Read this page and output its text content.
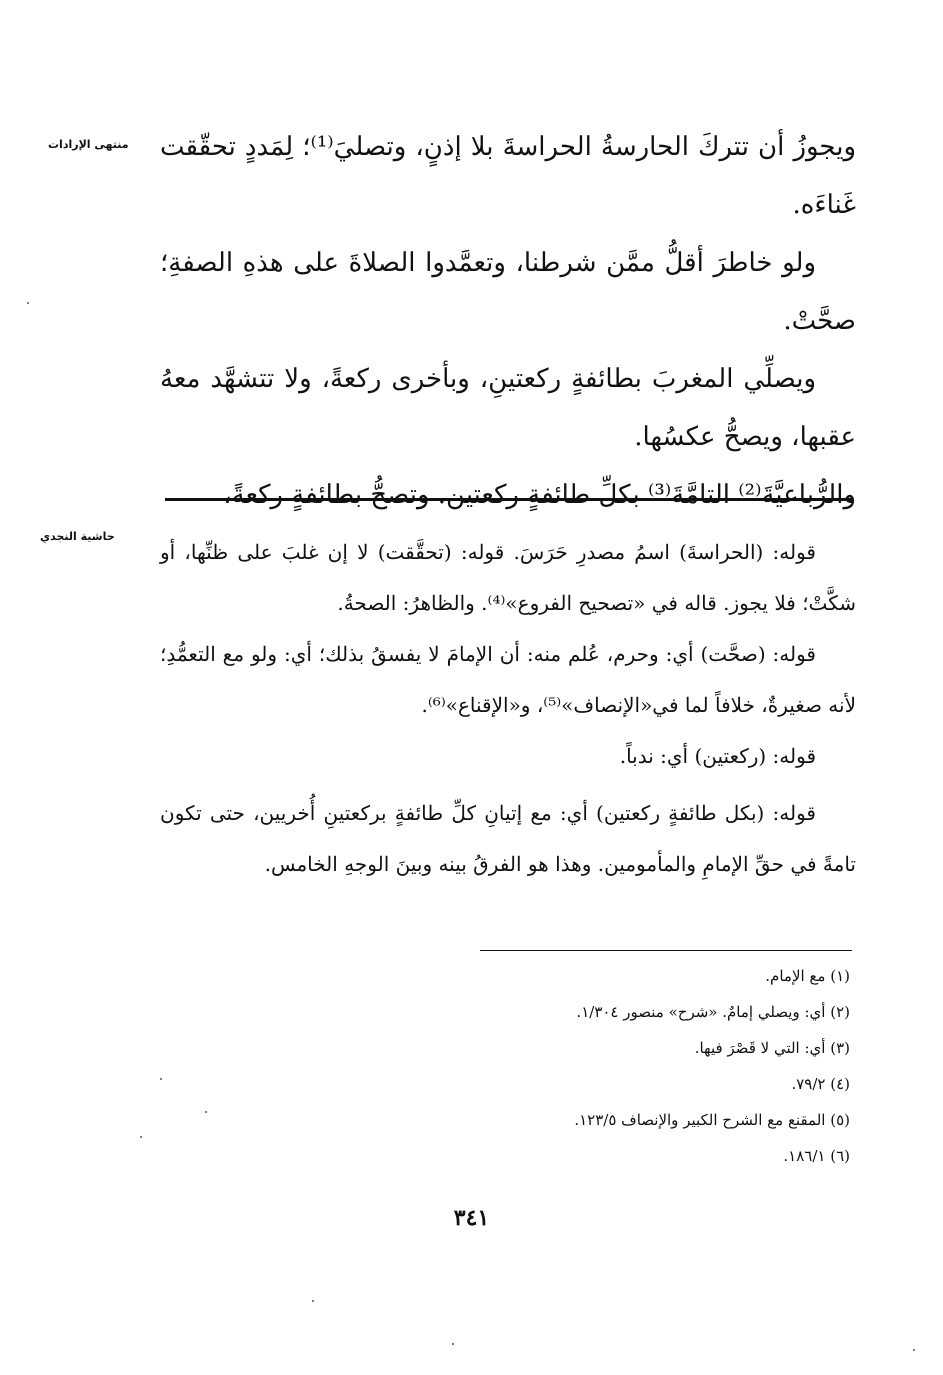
منتهى الإرادات
حاشية النجدي

ويجوزُ أن تتركَ الحارسةُ الحراسةَ بلا إذنٍ، وتصليَ⁽¹⁾؛ لِمَددٍ تحقّقت غَناءَه.

ولو خاطرَ أقلُّ ممَّن شرطنا، وتعمَّدوا الصلاةَ على هذهِ الصفةِ؛ صحَّتْ.

ويصلِّي المغربَ بطائفةٍ ركعتينِ، وبأخرى ركعةً، ولا تتشهَّد معهُ عقبها، ويصحُّ عكسُها.

والرُّباعيَّةَ⁽²⁾ التامَّةَ⁽³⁾ بكلِّ طائفةٍ ركعتين. وتصحُّ بطائفةٍ ركعةً،

قوله: (الحراسةَ) اسمُ مصدرِ حَرَسَ. قوله: (تحقَّقت) لا إن غلبَ على ظنِّها، أو شكَّتْ؛ فلا يجوز. قاله في «تصحيح الفروع»⁽⁴⁾. والظاهرُ: الصحةُ.

قوله: (صحَّت) أي: وحرم، عُلم منه: أن الإمامَ لا يفسقُ بذلك؛ أي: ولو مع التعمُّدِ؛ لأنه صغيرةٌ، خلافاً لما في«الإنصاف»⁽⁵⁾، و«الإقناع»⁽⁶⁾.

قوله: (ركعتين) أي: ندباً.

قوله: (بكل طائفةٍ ركعتين) أي: مع إتيانِ كلِّ طائفةٍ بركعتينِ أُخريين، حتى تكون تامةً في حقِّ الإمامِ والمأمومين. وهذا هو الفرقُ بينه وبينَ الوجهِ الخامس.

(١) مع الإمام.
(٢) أي: ويصلي إمامٌ. «شرح» منصور ١/٣٠٤.
(٣) أي: التي لا قَصْرَ فيها.
(٤) ٧٩/٢.
(٥) المقنع مع الشرح الكبير والإنصاف ١٢٣/٥.
(٦) ١٨٦/١.
٣٤١
